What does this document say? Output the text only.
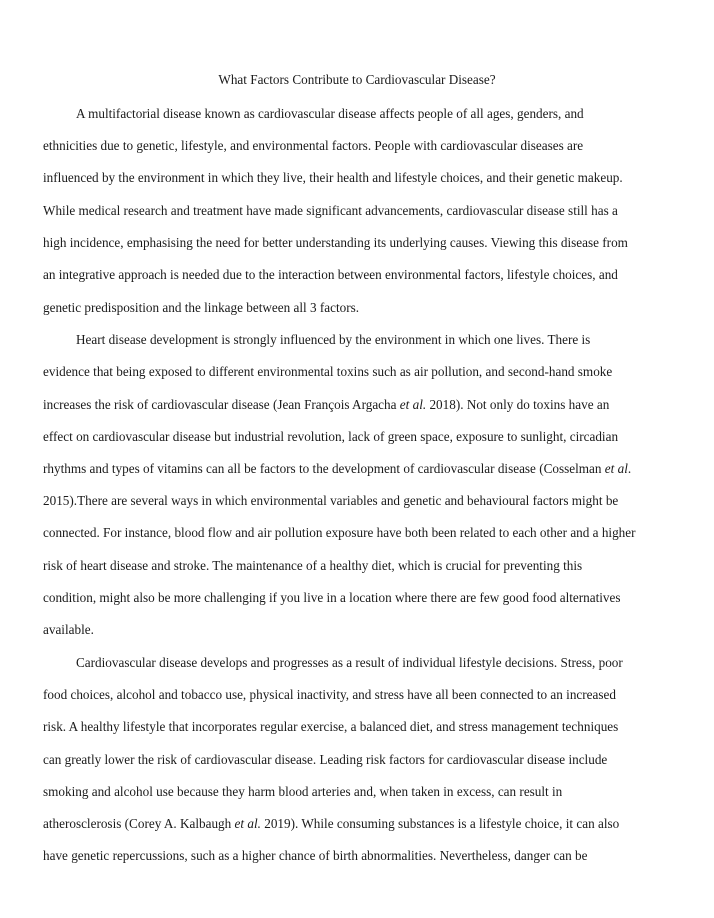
What Factors Contribute to Cardiovascular Disease?
A multifactorial disease known as cardiovascular disease affects people of all ages, genders, and
ethnicities due to genetic, lifestyle, and environmental factors. People with cardiovascular diseases are
influenced by the environment in which they live, their health and lifestyle choices, and their genetic makeup.
While medical research and treatment have made significant advancements, cardiovascular disease still has a
high incidence, emphasising the need for better understanding its underlying causes. Viewing this disease from
an integrative approach is needed due to the interaction between environmental factors, lifestyle choices, and
genetic predisposition and the linkage between all 3 factors.
Heart disease development is strongly influenced by the environment in which one lives. There is
evidence that being exposed to different environmental toxins such as air pollution, and second-hand smoke
increases the risk of cardiovascular disease (Jean François Argacha et al. 2018). Not only do toxins have an
effect on cardiovascular disease but industrial revolution, lack of green space, exposure to sunlight, circadian
rhythms and types of vitamins can all be factors to the development of cardiovascular disease (Cosselman et al.
2015).There are several ways in which environmental variables and genetic and behavioural factors might be
connected. For instance, blood flow and air pollution exposure have both been related to each other and a higher
risk of heart disease and stroke. The maintenance of a healthy diet, which is crucial for preventing this
condition, might also be more challenging if you live in a location where there are few good food alternatives
available.
Cardiovascular disease develops and progresses as a result of individual lifestyle decisions. Stress, poor
food choices, alcohol and tobacco use, physical inactivity, and stress have all been connected to an increased
risk. A healthy lifestyle that incorporates regular exercise, a balanced diet, and stress management techniques
can greatly lower the risk of cardiovascular disease. Leading risk factors for cardiovascular disease include
smoking and alcohol use because they harm blood arteries and, when taken in excess, can result in
atherosclerosis (Corey A. Kalbaugh et al. 2019). While consuming substances is a lifestyle choice, it can also
have genetic repercussions, such as a higher chance of birth abnormalities. Nevertheless, danger can be
